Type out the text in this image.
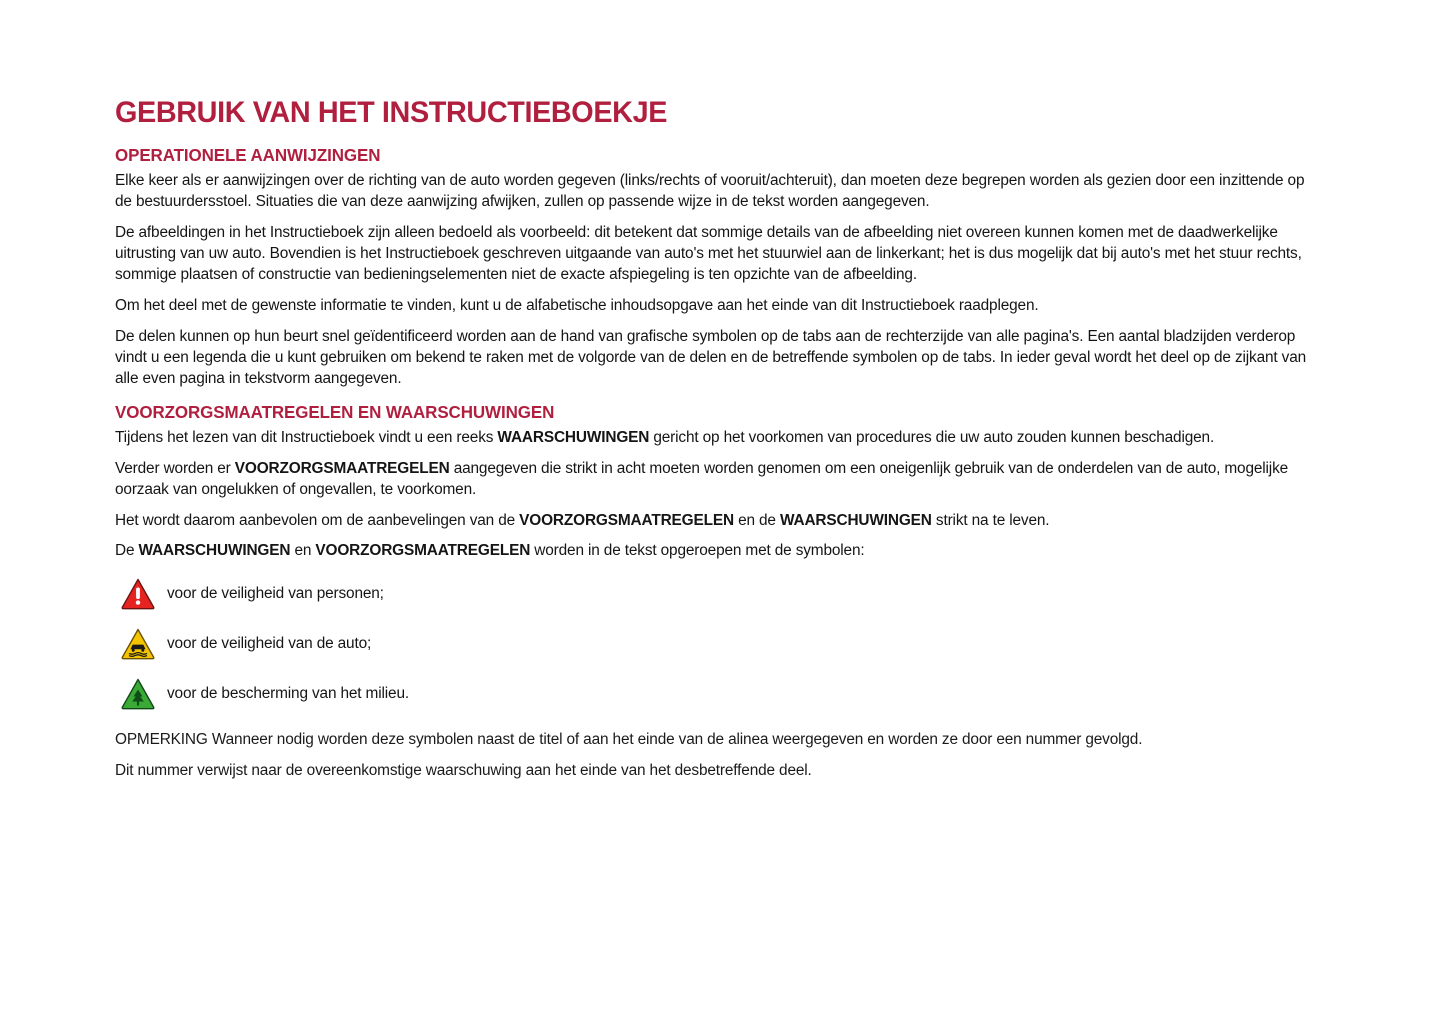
GEBRUIK VAN HET INSTRUCTIEBOEKJE
OPERATIONELE AANWIJZINGEN

Elke keer als er aanwijzingen over de richting van de auto worden gegeven (links/rechts of vooruit/achteruit), dan moeten deze begrepen worden als gezien door een inzittende op de bestuurdersstoel. Situaties die van deze aanwijzing afwijken, zullen op passende wijze in de tekst worden aangegeven.

De afbeeldingen in het Instructieboek zijn alleen bedoeld als voorbeeld: dit betekent dat sommige details van de afbeelding niet overeen kunnen komen met de daadwerkelijke uitrusting van uw auto. Bovendien is het Instructieboek geschreven uitgaande van auto's met het stuurwiel aan de linkerkant; het is dus mogelijk dat bij auto's met het stuur rechts, sommige plaatsen of constructie van bedieningselementen niet de exacte afspiegeling is ten opzichte van de afbeelding.

Om het deel met de gewenste informatie te vinden, kunt u de alfabetische inhoudsopgave aan het einde van dit Instructieboek raadplegen.

De delen kunnen op hun beurt snel geïdentificeerd worden aan de hand van grafische symbolen op de tabs aan de rechterzijde van alle pagina's. Een aantal bladzijden verderop vindt u een legenda die u kunt gebruiken om bekend te raken met de volgorde van de delen en de betreffende symbolen op de tabs. In ieder geval wordt het deel op de zijkant van alle even pagina in tekstvorm aangegeven.

VOORZORGSMAATREGELEN EN WAARSCHUWINGEN

Tijdens het lezen van dit Instructieboek vindt u een reeks WAARSCHUWINGEN gericht op het voorkomen van procedures die uw auto zouden kunnen beschadigen.

Verder worden er VOORZORGSMAATREGELEN aangegeven die strikt in acht moeten worden genomen om een oneigenlijk gebruik van de onderdelen van de auto, mogelijke oorzaak van ongelukken of ongevallen, te voorkomen.

Het wordt daarom aanbevolen om de aanbevelingen van de VOORZORGSMAATREGELEN en de WAARSCHUWINGEN strikt na te leven.

De WAARSCHUWINGEN en VOORZORGSMAATREGELEN worden in de tekst opgeroepen met de symbolen:

voor de veiligheid van personen;
voor de veiligheid van de auto;
voor de bescherming van het milieu.

OPMERKING Wanneer nodig worden deze symbolen naast de titel of aan het einde van de alinea weergegeven en worden ze door een nummer gevolgd.

Dit nummer verwijst naar de overeenkomstige waarschuwing aan het einde van het desbetreffende deel.
